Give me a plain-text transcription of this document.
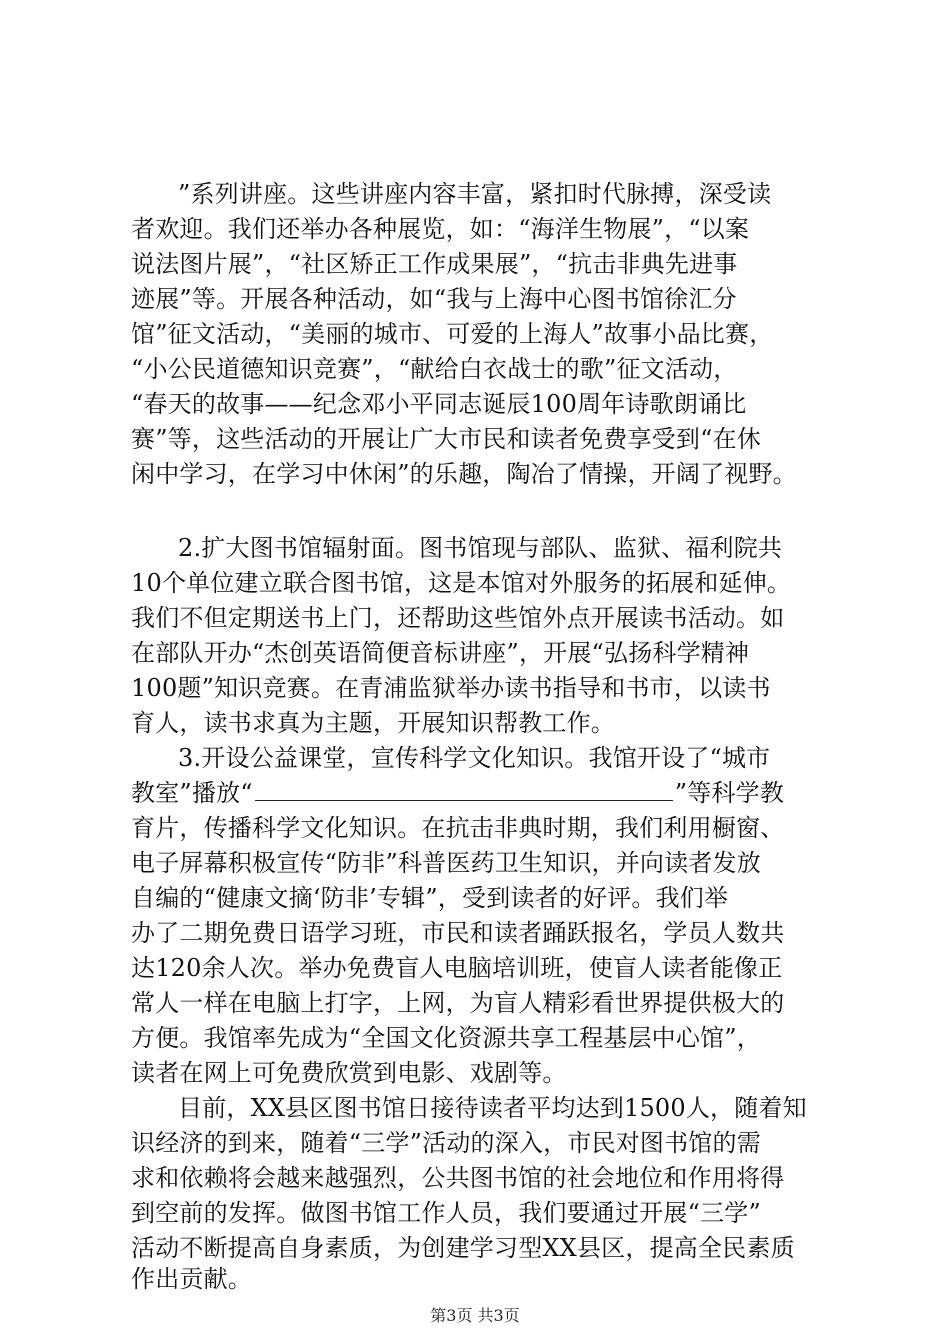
”系列讲座。这些讲座内容丰富，紧扣时代脉搏，深受读
者欢迎。我们还举办各种展览，如：“海洋生物展”，“以案
说法图片展”，“社区矫正工作成果展”，“抗击非典先进事
迹展”等。开展各种活动，如“我与上海中心图书馆徐汇分
馆”征文活动，“美丽的城市、可爱的上海人”故事小品比赛，
“小公民道德知识竞赛”，“献给白衣战士的歌”征文活动，
“春天的故事——纪念邓小平同志诞辰100周年诗歌朗诵比
赛”等，这些活动的开展让广大市民和读者免费享受到“在休
闲中学习，在学习中休闲”的乐趣，陶冶了情操，开阔了视野。
2.扩大图书馆辐射面。图书馆现与部队、监狱、福利院共
10个单位建立联合图书馆，这是本馆对外服务的拓展和延伸。
我们不但定期送书上门，还帮助这些馆外点开展读书活动。如
在部队开办“杰创英语简便音标讲座”，开展“弘扬科学精神
100题”知识竞赛。在青浦监狱举办读书指导和书市，以读书
育人，读书求真为主题，开展知识帮教工作。
3.开设公益课堂，宣传科学文化知识。我馆开设了“城市
教室”播放“	”等科学教
育片，传播科学文化知识。在抗击非典时期，我们利用橱窗、
电子屏幕积极宣传“防非”科普医药卫生知识，并向读者发放
自编的“健康文摘‘防非’专辑”，受到读者的好评。我们举
办了二期免费日语学习班，市民和读者踊跃报名，学员人数共
达120余人次。举办免费盲人电脑培训班，使盲人读者能像正
常人一样在电脑上打字，上网，为盲人精彩看世界提供极大的
方便。我馆率先成为“全国文化资源共享工程基层中心馆”，
读者在网上可免费欣赏到电影、戏剧等。
目前，XX县区图书馆日接待读者平均达到1500人，随着知
识经济的到来，随着“三学”活动的深入，市民对图书馆的需
求和依赖将会越来越强烈，公共图书馆的社会地位和作用将得
到空前的发挥。做图书馆工作人员，我们要通过开展“三学”
活动不断提高自身素质，为创建学习型XX县区，提高全民素质
第3页 共3页
作出贡献。
